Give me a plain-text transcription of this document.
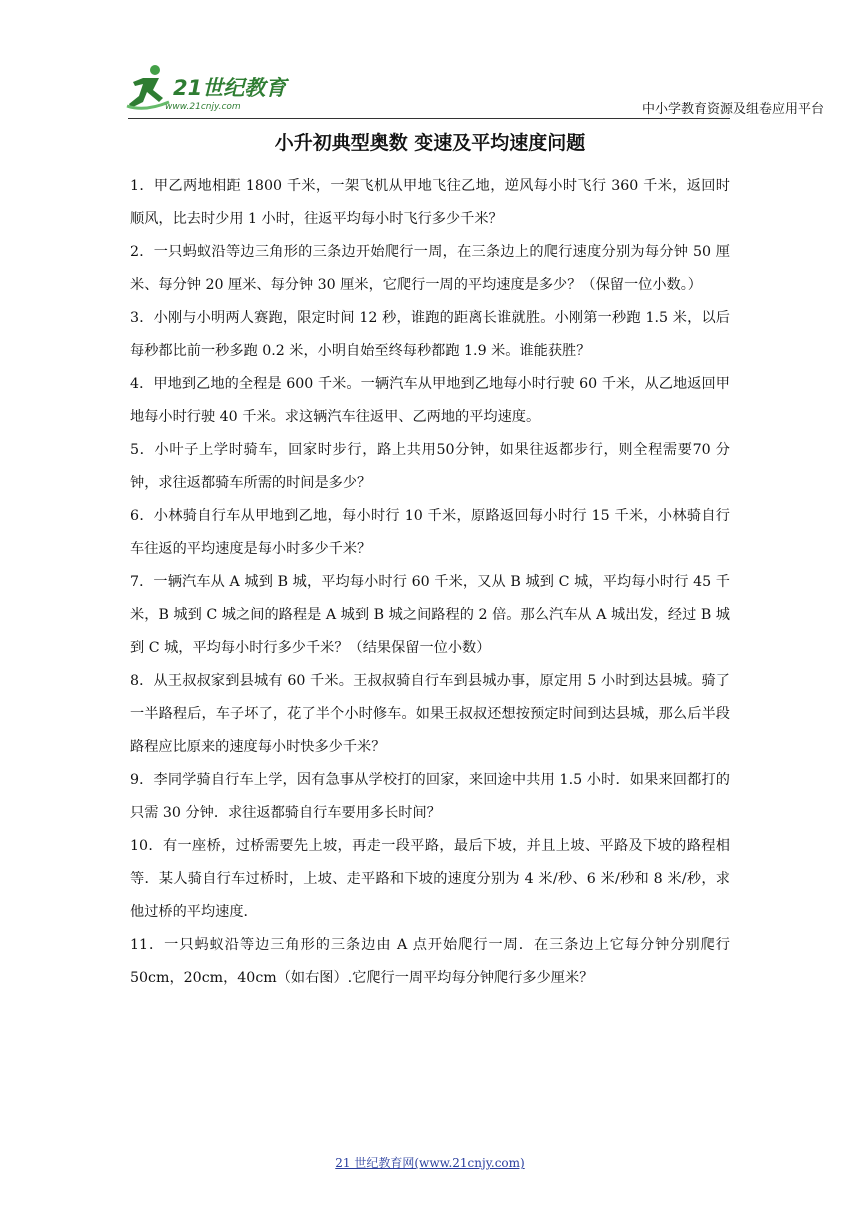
21世纪教育
www.21cnjy.com	中小学教育资源及组卷应用平台
小升初典型奥数 变速及平均速度问题

1．甲乙两地相距 1800 千米，一架飞机从甲地飞往乙地，逆风每小时飞行 360 千米，返回时顺风，比去时少用 1 小时，往返平均每小时飞行多少千米？

2．一只蚂蚁沿等边三角形的三条边开始爬行一周，在三条边上的爬行速度分别为每分钟 50 厘米、每分钟 20 厘米、每分钟 30 厘米，它爬行一周的平均速度是多少？（保留一位小数。）

3．小刚与小明两人赛跑，限定时间 12 秒，谁跑的距离长谁就胜。小刚第一秒跑 1.5 米，以后每秒都比前一秒多跑 0.2 米，小明自始至终每秒都跑 1.9 米。谁能获胜？

4．甲地到乙地的全程是 600 千米。一辆汽车从甲地到乙地每小时行驶 60 千米，从乙地返回甲地每小时行驶 40 千米。求这辆汽车往返甲、乙两地的平均速度。

5．小叶子上学时骑车，回家时步行，路上共用50分钟，如果往返都步行，则全程需要70 分钟，求往返都骑车所需的时间是多少？

6．小林骑自行车从甲地到乙地，每小时行 10 千米，原路返回每小时行 15 千米，小林骑自行车往返的平均速度是每小时多少千米？

7．一辆汽车从 A 城到 B 城，平均每小时行 60 千米，又从 B 城到 C 城，平均每小时行 45 千米，B 城到 C 城之间的路程是 A 城到 B 城之间路程的 2 倍。那么汽车从 A 城出发，经过 B 城到 C 城，平均每小时行多少千米？（结果保留一位小数）

8．从王叔叔家到县城有 60 千米。王叔叔骑自行车到县城办事，原定用 5 小时到达县城。骑了一半路程后，车子坏了，花了半个小时修车。如果王叔叔还想按预定时间到达县城，那么后半段路程应比原来的速度每小时快多少千米？

9．李同学骑自行车上学，因有急事从学校打的回家，来回途中共用 1.5 小时．如果来回都打的只需 30 分钟．求往返都骑自行车要用多长时间？

10．有一座桥，过桥需要先上坡，再走一段平路，最后下坡，并且上坡、平路及下坡的路程相等．某人骑自行车过桥时，上坡、走平路和下坡的速度分别为 4 米/秒、6 米/秒和 8 米/秒，求他过桥的平均速度．

11．一只蚂蚁沿等边三角形的三条边由 A 点开始爬行一周．在三条边上它每分钟分别爬行 50cm，20cm，40cm（如右图）.它爬行一周平均每分钟爬行多少厘米？

21 世纪教育网(www.21cnjy.com)
